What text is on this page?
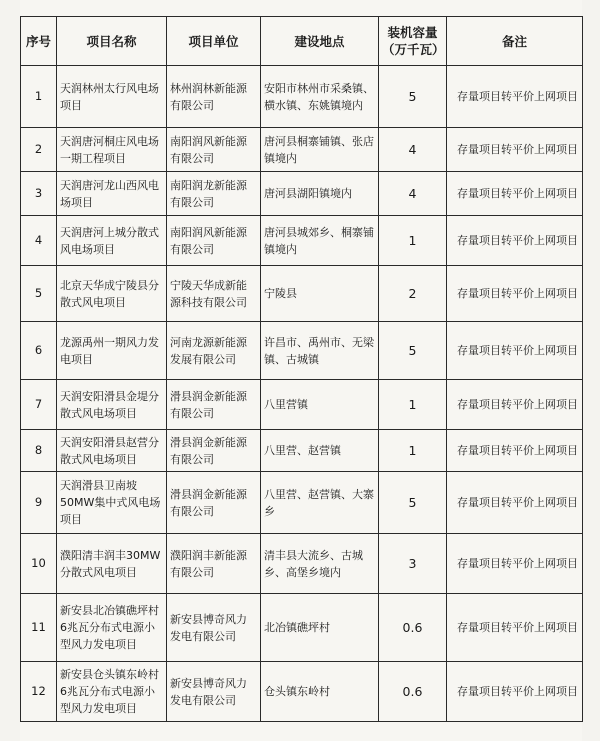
序号	项目名称	项目单位	建设地点	装机容量（万千瓦）	备注
1	天润林州太行风电场项目	林州润林新能源有限公司	安阳市林州市采桑镇、横水镇、东姚镇境内	5	存量项目转平价上网项目
2	天润唐河桐庄风电场一期工程项目	南阳润风新能源有限公司	唐河县桐寨铺镇、张店镇境内	4	存量项目转平价上网项目
3	天润唐河龙山西风电场项目	南阳润龙新能源有限公司	唐河县湖阳镇境内	4	存量项目转平价上网项目
4	天润唐河上城分散式风电场项目	南阳润风新能源有限公司	唐河县城郊乡、桐寨铺镇境内	1	存量项目转平价上网项目
5	北京天华成宁陵县分散式风电项目	宁陵天华成新能源科技有限公司	宁陵县	2	存量项目转平价上网项目
6	龙源禹州一期风力发电项目	河南龙源新能源发展有限公司	许昌市、禹州市、无梁镇、古城镇	5	存量项目转平价上网项目
7	天润安阳滑县金堤分散式风电场项目	滑县润金新能源有限公司	八里营镇	1	存量项目转平价上网项目
8	天润安阳滑县赵营分散式风电场项目	滑县润金新能源有限公司	八里营、赵营镇	1	存量项目转平价上网项目
9	天润滑县卫南坡50MW集中式风电场项目	滑县润金新能源有限公司	八里营、赵营镇、大寨乡	5	存量项目转平价上网项目
10	濮阳清丰润丰30MW分散式风电项目	濮阳润丰新能源有限公司	清丰县大流乡、古城乡、高堡乡境内	3	存量项目转平价上网项目
11	新安县北冶镇礁坪村6兆瓦分布式电源小型风力发电项目	新安县博奇风力发电有限公司	北冶镇礁坪村	0.6	存量项目转平价上网项目
12	新安县仓头镇东岭村6兆瓦分布式电源小型风力发电项目	新安县博奇风力发电有限公司	仓头镇东岭村	0.6	存量项目转平价上网项目
